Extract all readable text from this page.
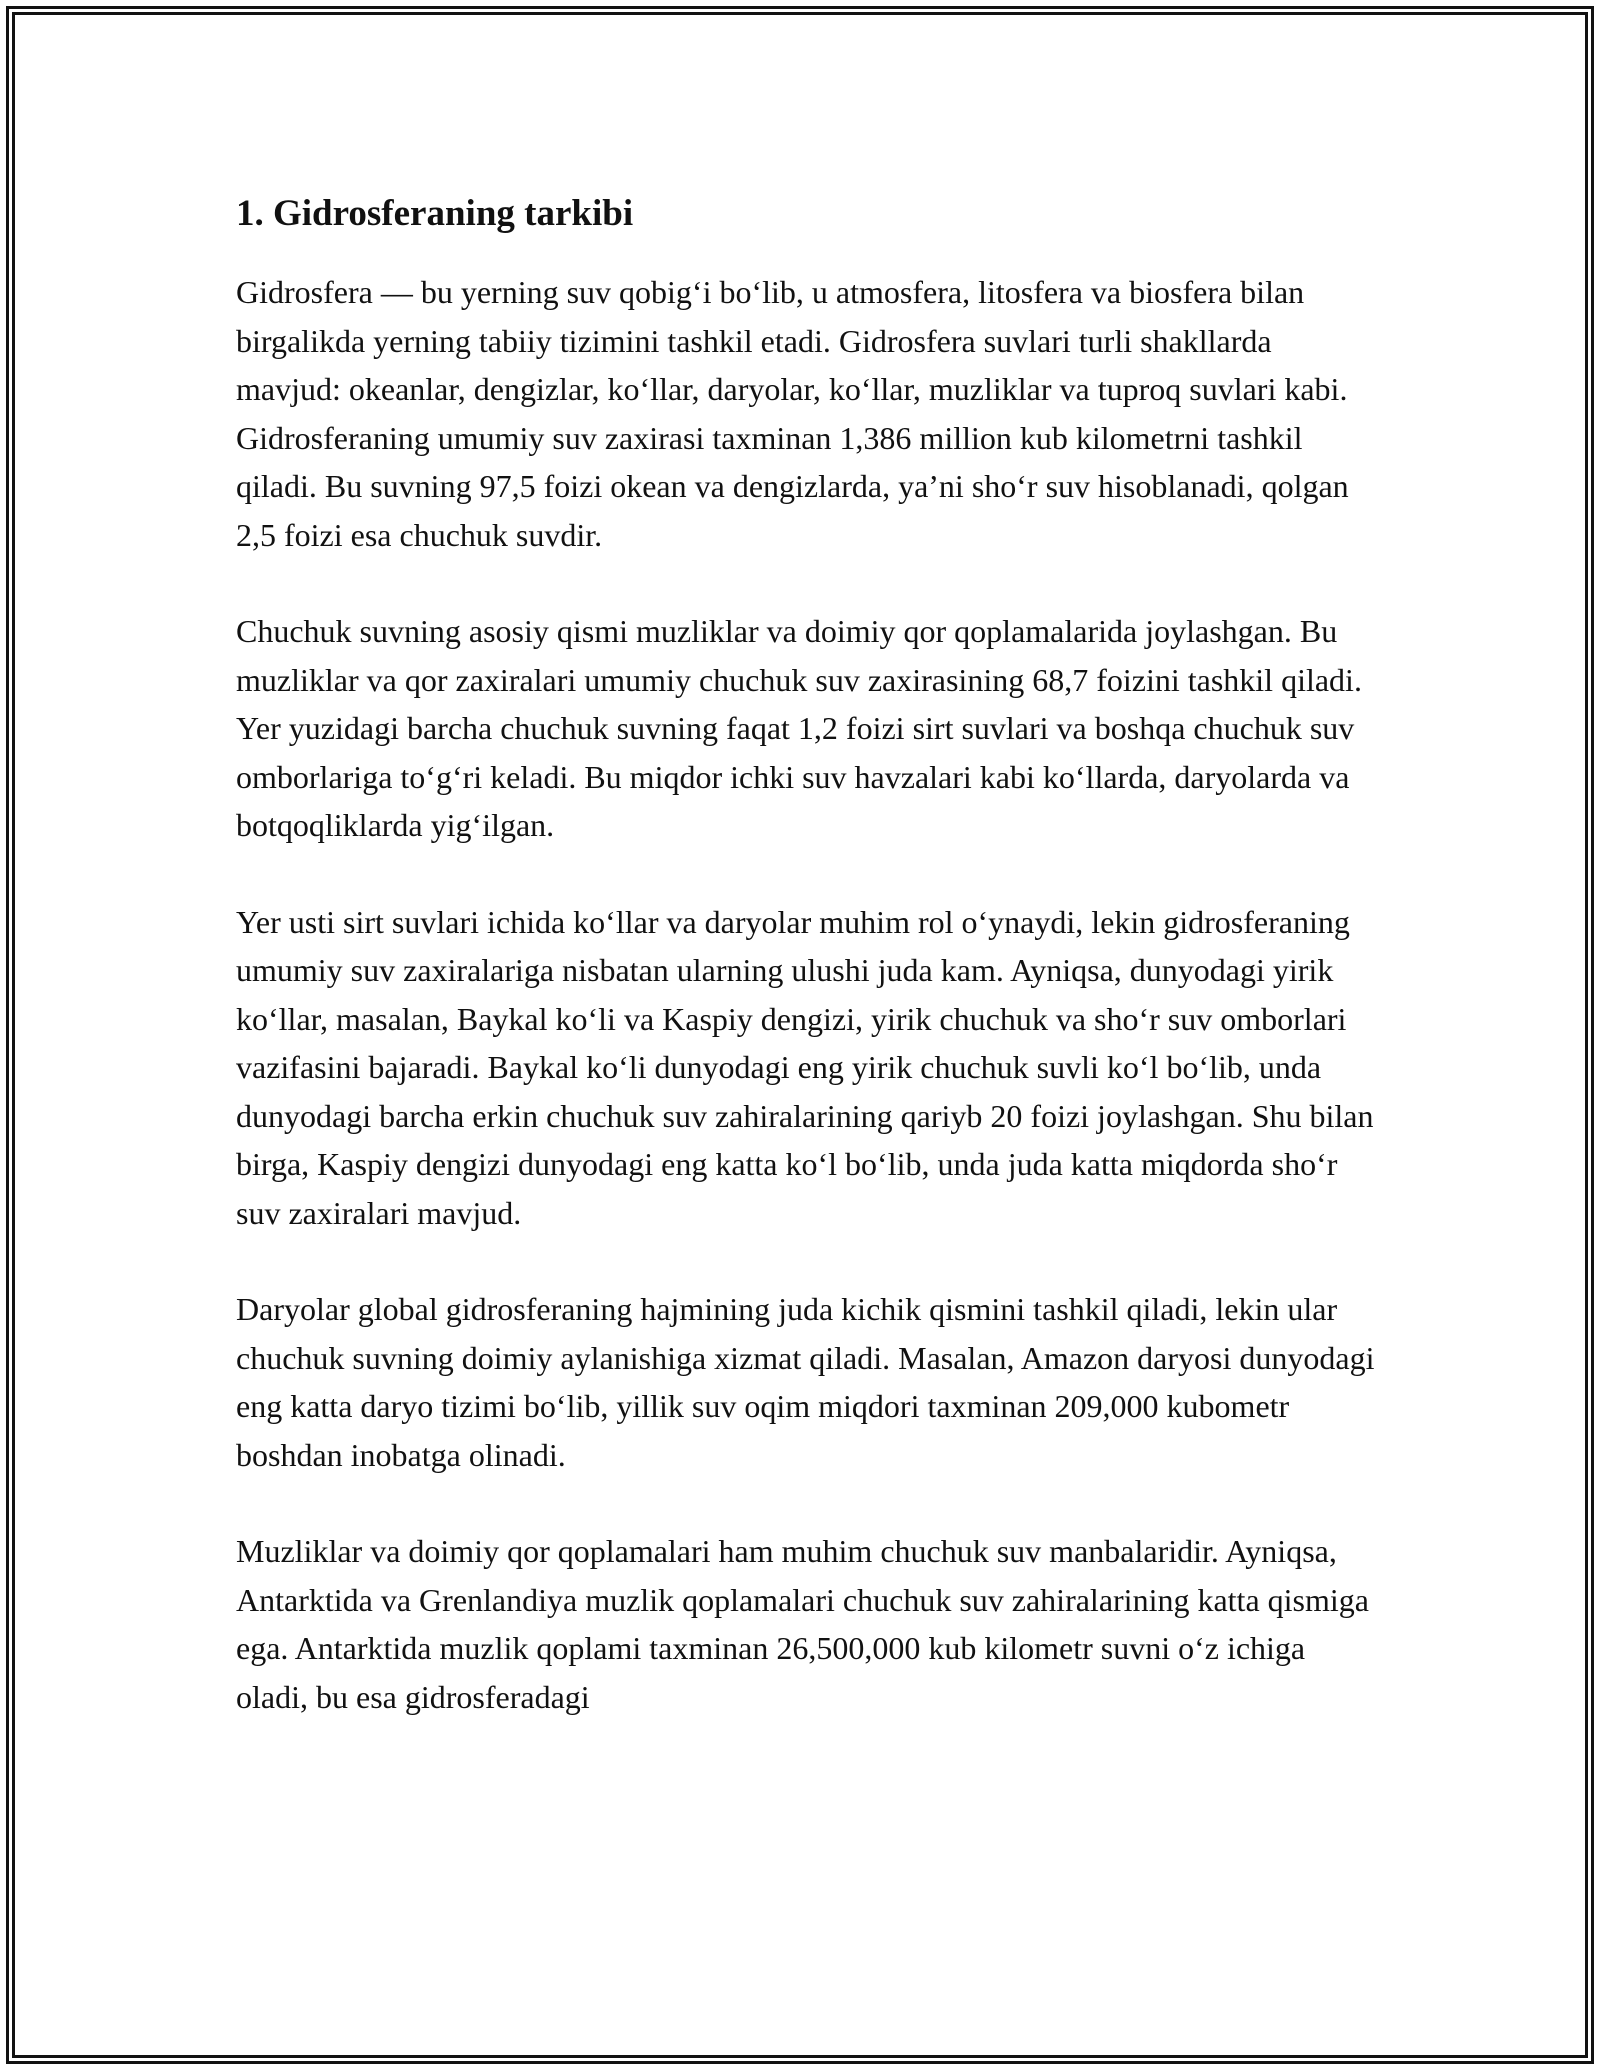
1. Gidrosferaning tarkibi

Gidrosfera — bu yerning suv qobig‘i bo‘lib, u atmosfera, litosfera va biosfera bilan birgalikda yerning tabiiy tizimini tashkil etadi. Gidrosfera suvlari turli shakllarda mavjud: okeanlar, dengizlar, ko‘llar, daryolar, ko‘llar, muzliklar va tuproq suvlari kabi. Gidrosferaning umumiy suv zaxirasi taxminan 1,386 million kub kilometrni tashkil qiladi. Bu suvning 97,5 foizi okean va dengizlarda, ya’ni sho‘r suv hisoblanadi, qolgan 2,5 foizi esa chuchuk suvdir.

Chuchuk suvning asosiy qismi muzliklar va doimiy qor qoplamalarida joylashgan. Bu muzliklar va qor zaxiralari umumiy chuchuk suv zaxirasining 68,7 foizini tashkil qiladi. Yer yuzidagi barcha chuchuk suvning faqat 1,2 foizi sirt suvlari va boshqa chuchuk suv omborlariga to‘g‘ri keladi. Bu miqdor ichki suv havzalari kabi ko‘llarda, daryolarda va botqoqliklarda yig‘ilgan.

Yer usti sirt suvlari ichida ko‘llar va daryolar muhim rol o‘ynaydi, lekin gidrosferaning umumiy suv zaxiralariga nisbatan ularning ulushi juda kam. Ayniqsa, dunyodagi yirik ko‘llar, masalan, Baykal ko‘li va Kaspiy dengizi, yirik chuchuk va sho‘r suv omborlari vazifasini bajaradi. Baykal ko‘li dunyodagi eng yirik chuchuk suvli ko‘l bo‘lib, unda dunyodagi barcha erkin chuchuk suv zahiralarining qariyb 20 foizi joylashgan. Shu bilan birga, Kaspiy dengizi dunyodagi eng katta ko‘l bo‘lib, unda juda katta miqdorda sho‘r suv zaxiralari mavjud.

Daryolar global gidrosferaning hajmining juda kichik qismini tashkil qiladi, lekin ular chuchuk suvning doimiy aylanishiga xizmat qiladi. Masalan, Amazon daryosi dunyodagi eng katta daryo tizimi bo‘lib, yillik suv oqim miqdori taxminan 209,000 kubometr boshdan inobatga olinadi.

Muzliklar va doimiy qor qoplamalari ham muhim chuchuk suv manbalaridir. Ayniqsa, Antarktida va Grenlandiya muzlik qoplamalari chuchuk suv zahiralarining katta qismiga ega. Antarktida muzlik qoplami taxminan 26,500,000 kub kilometr suvni o‘z ichiga oladi, bu esa gidrosferadagi
